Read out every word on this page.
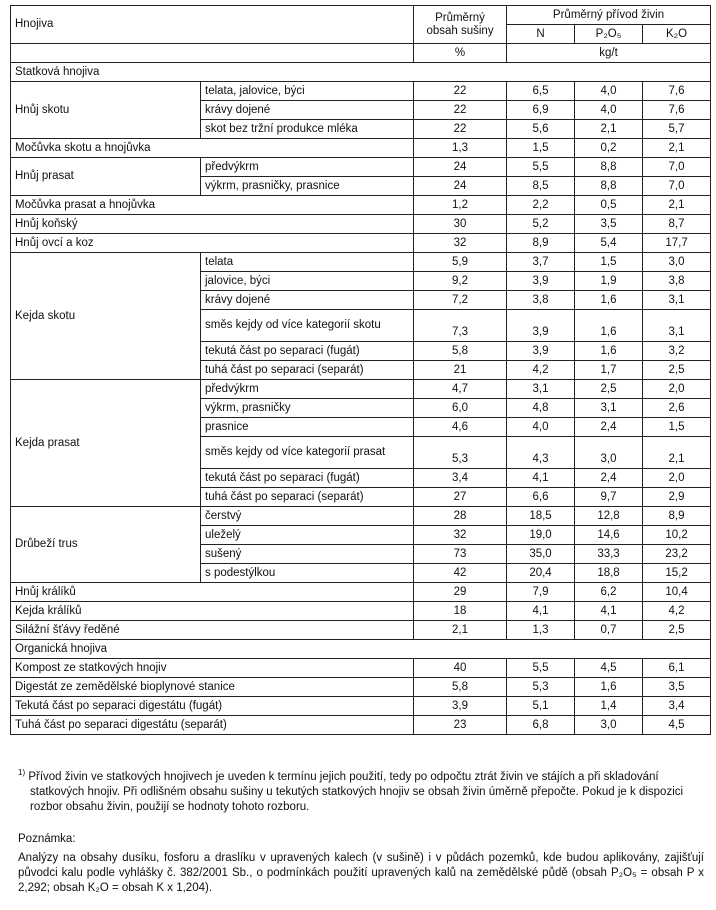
Hnojiva		Průměrný obsah sušiny	Průměrný přívod živin		
			N	P₂O₅	K₂O
		%	kg/t		
Statková hnojiva					
Hnůj skotu	telata, jalovice, býci	22	6,5	4,0	7,6
	krávy dojené	22	6,9	4,0	7,6
	skot bez tržní produkce mléka	22	5,6	2,1	5,7
Močůvka skotu a hnojůvka		1,3	1,5	0,2	2,1
Hnůj prasat	předvýkrm	24	5,5	8,8	7,0
	výkrm, prasničky, prasnice	24	8,5	8,8	7,0
Močůvka prasat a hnojůvka		1,2	2,2	0,5	2,1
Hnůj koňský		30	5,2	3,5	8,7
Hnůj ovcí a koz		32	8,9	5,4	17,7
Kejda skotu	telata	5,9	3,7	1,5	3,0
	jalovice, býci	9,2	3,9	1,9	3,8
	krávy dojené	7,2	3,8	1,6	3,1
	směs kejdy od více kategorií skotu	7,3	3,9	1,6	3,1
	tekutá část po separaci (fugát)	5,8	3,9	1,6	3,2
	tuhá část po separaci (separát)	21	4,2	1,7	2,5
Kejda prasat	předvýkrm	4,7	3,1	2,5	2,0
	výkrm, prasničky	6,0	4,8	3,1	2,6
	prasnice	4,6	4,0	2,4	1,5
	směs kejdy od více kategorií prasat	5,3	4,3	3,0	2,1
	tekutá část po separaci (fugát)	3,4	4,1	2,4	2,0
	tuhá část po separaci (separát)	27	6,6	9,7	2,9
Drůbeží trus	čerstvý	28	18,5	12,8	8,9
	uleželý	32	19,0	14,6	10,2
	sušený	73	35,0	33,3	23,2
	s podestýlkou	42	20,4	18,8	15,2
Hnůj králíků		29	7,9	6,2	10,4
Kejda králíků		18	4,1	4,1	4,2
Silážní šťávy ředěné		2,1	1,3	0,7	2,5
Organická hnojiva					
Kompost ze statkových hnojiv		40	5,5	4,5	6,1
Digestát ze zemědělské bioplynové stanice		5,8	5,3	1,6	3,5
Tekutá část po separaci digestátu (fugát)		3,9	5,1	1,4	3,4
Tuhá část po separaci digestátu (separát)		23	6,8	3,0	4,5
$^{1)}$ Přívod živin ve statkových hnojivech je uveden k termínu jejich použití, tedy po odpočtu ztrát živin ve stájích a při skladování statkových hnojiv. Při odlišném obsahu sušiny u tekutých statkových hnojiv se obsah živin úměrně přepočte. Pokud je k dispozici rozbor obsahu živin, použijí se hodnoty tohoto rozboru.
Poznámka:
Analýzy na obsahy dusíku, fosforu a draslíku v upravených kalech (v sušině) i v půdách pozemků, kde budou aplikovány, zajišťují původci kalu podle vyhlášky č. 382/2001 Sb., o podmínkách použití upravených kalů na zemědělské půdě (obsah P₂O₅ = obsah P x 2,292; obsah K₂O = obsah K x 1,204).
